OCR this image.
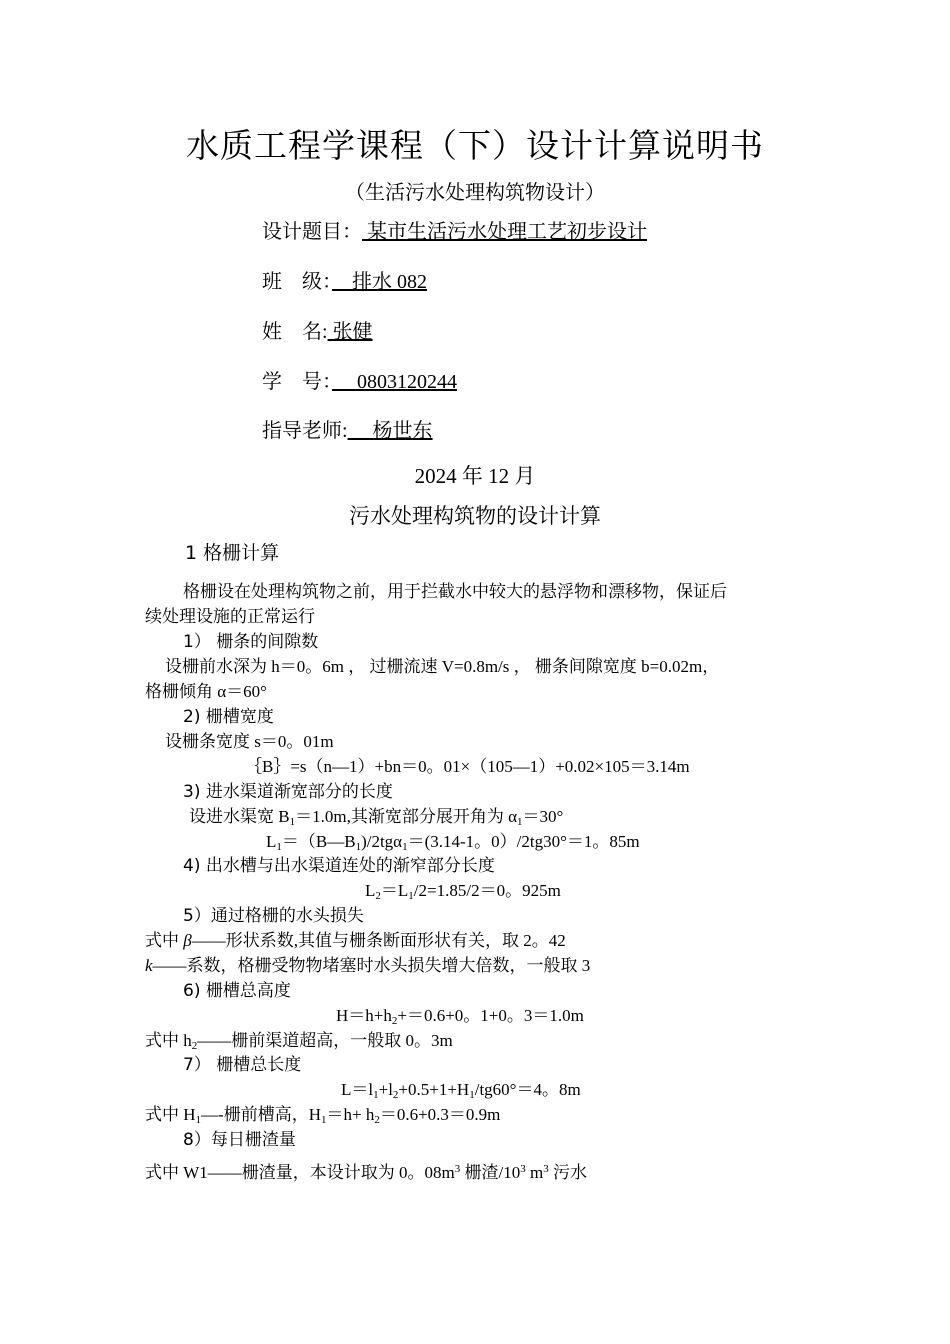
水质工程学课程（下）设计计算说明书
（生活污水处理构筑物设计）
设计题目： 某市生活污水处理工艺初步设计
班　级：　排水 082
姓　名: 张健
学　号：　 0803120244
指导老师:　 杨世东
2024 年 12 月
污水处理构筑物的设计计算
1 格栅计算
格栅设在处理构筑物之前，用于拦截水中较大的悬浮物和漂移物，保证后
续处理设施的正常运行
1） 栅条的间隙数
设栅前水深为 h＝0。6m ， 过栅流速 V=0.8m/s ， 栅条间隙宽度 b=0.02m，
格栅倾角 α＝60°
2) 栅槽宽度
设栅条宽度 s＝0。01m
｛B｝=s（n—1）+bn＝0。01×（105—1）+0.02×105＝3.14m
3) 进水渠道渐宽部分的长度
设进水渠宽 $B_1=1.0m$,其渐宽部分展开角为 $\alpha_1=30^\circ$
$L_1=(B—B_1)/2tg\alpha_1=(3.14-1$。0）/2tg30°＝1。85m
4) 出水槽与出水渠道连处的渐窄部分长度
$L_2=L_1/2=1.85/2=0$。925m
5）通过格栅的水头损失
式中 β——形状系数,其值与栅条断面形状有关，取 2。42
k——系数，格栅受物物堵塞时水头损失增大倍数，一般取 3
6) 栅槽总高度
$H=h+h_2+=0.6+0$。1+0。3＝1.0m
式中 $h_2——$栅前渠道超高，一般取 0。3m
7） 栅槽总长度
$L=l_1+l_2+0.5+1+H_1/tg60^\circ=4$。8m
式中 $H_1—-$栅前槽高，$H_1=h+ h_2=0.6+0.3=0.9m$
8）每日栅渣量
式中 W1——栅渣量，本设计取为 0。$08m^3$ 栅渣$/10^3$ $m^3$ 污水
